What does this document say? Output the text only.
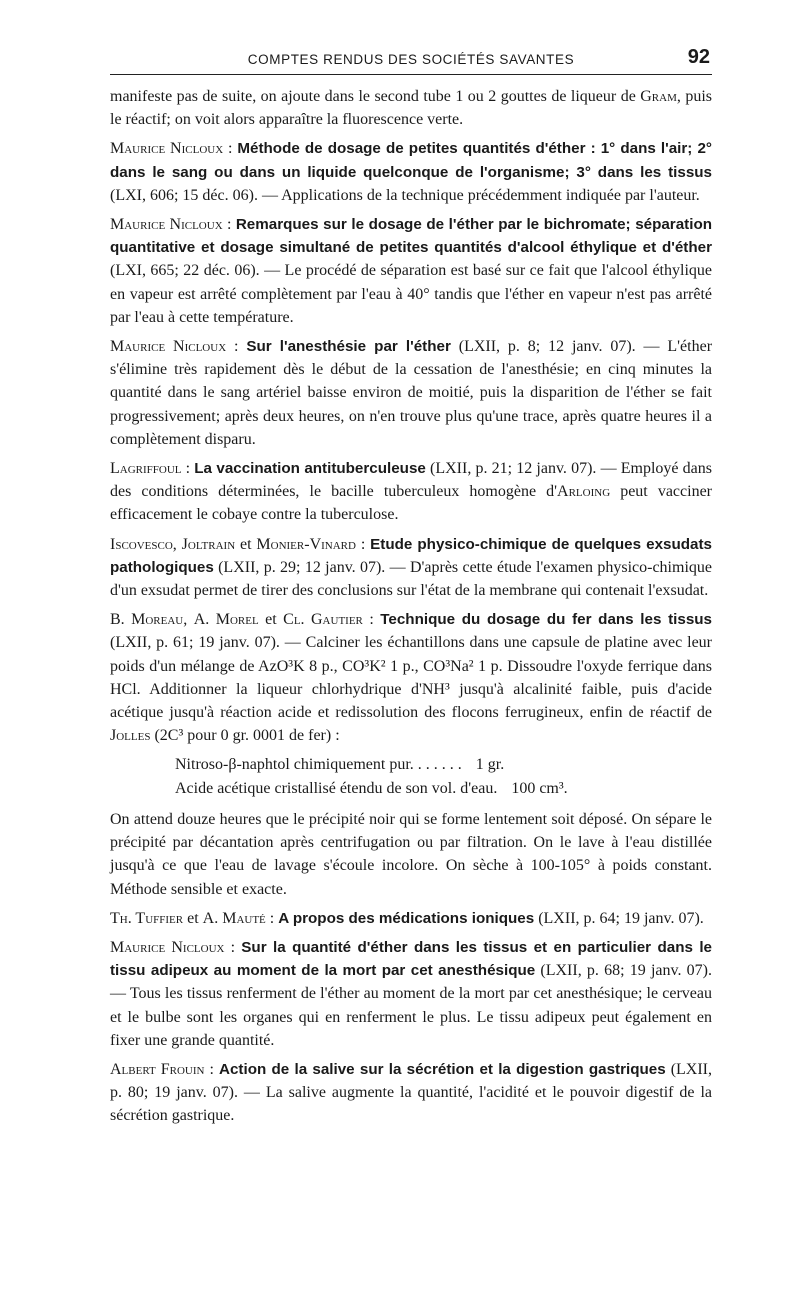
COMPTES RENDUS DES SOCIÉTÉS SAVANTES	92

manifeste pas de suite, on ajoute dans le second tube 1 ou 2 gouttes de liqueur de Gram, puis le réactif; on voit alors apparaître la fluorescence verte.

Maurice Nicloux : Méthode de dosage de petites quantités d'éther : 1° dans l'air; 2° dans le sang ou dans un liquide quelconque de l'organisme; 3° dans les tissus (LXI, 606; 15 déc. 06). — Applications de la technique précédemment indiquée par l'auteur.

Maurice Nicloux : Remarques sur le dosage de l'éther par le bichromate; séparation quantitative et dosage simultané de petites quantités d'alcool éthylique et d'éther (LXI, 665; 22 déc. 06). — Le procédé de séparation est basé sur ce fait que l'alcool éthylique en vapeur est arrêté complètement par l'eau à 40° tandis que l'éther en vapeur n'est pas arrêté par l'eau à cette température.

Maurice Nicloux : Sur l'anesthésie par l'éther (LXII, p. 8; 12 janv. 07). — L'éther s'élimine très rapidement dès le début de la cessation de l'anesthésie; en cinq minutes la quantité dans le sang artériel baisse environ de moitié, puis la disparition de l'éther se fait progressivement; après deux heures, on n'en trouve plus qu'une trace, après quatre heures il a complètement disparu.

Lagriffoul : La vaccination antituberculeuse (LXII, p. 21; 12 janv. 07). — Employé dans des conditions déterminées, le bacille tuberculeux homogène d'Arloing peut vacciner efficacement le cobaye contre la tuberculose.

Iscovesco, Joltrain et Monier-Vinard : Etude physico-chimique de quelques exsudats pathologiques (LXII, p. 29; 12 janv. 07). — D'après cette étude l'examen physico-chimique d'un exsudat permet de tirer des conclusions sur l'état de la membrane qui contenait l'exsudat.

B. Moreau, A. Morel et Cl. Gautier : Technique du dosage du fer dans les tissus (LXII, p. 61; 19 janv. 07). — Calciner les échantillons dans une capsule de platine avec leur poids d'un mélange de AzO³K 8 p., CO³K² 1 p., CO³Na² 1 p. Dissoudre l'oxyde ferrique dans HCl. Additionner la liqueur chlorhydrique d'NH³ jusqu'à alcalinité faible, puis d'acide acétique jusqu'à réaction acide et redissolution des flocons ferrugineux, enfin de réactif de Jolles (2C³ pour 0 gr. 0001 de fer) :

Nitroso-β-naphtol chimiquement pur. . . . . . . 1 gr.
Acide acétique cristallisé étendu de son vol. d'eau. 100 cm³.

On attend douze heures que le précipité noir qui se forme lentement soit déposé. On sépare le précipité par décantation après centrifugation ou par filtration. On le lave à l'eau distillée jusqu'à ce que l'eau de lavage s'écoule incolore. On sèche à 100-105° à poids constant. Méthode sensible et exacte.

Th. Tuffier et A. Mauté : A propos des médications ioniques (LXII, p. 64; 19 janv. 07).

Maurice Nicloux : Sur la quantité d'éther dans les tissus et en particulier dans le tissu adipeux au moment de la mort par cet anesthésique (LXII, p. 68; 19 janv. 07). — Tous les tissus renferment de l'éther au moment de la mort par cet anesthésique; le cerveau et le bulbe sont les organes qui en renferment le plus. Le tissu adipeux peut également en fixer une grande quantité.

Albert Frouin : Action de la salive sur la sécrétion et la digestion gastriques (LXII, p. 80; 19 janv. 07). — La salive augmente la quantité, l'acidité et le pouvoir digestif de la sécrétion gastrique.
